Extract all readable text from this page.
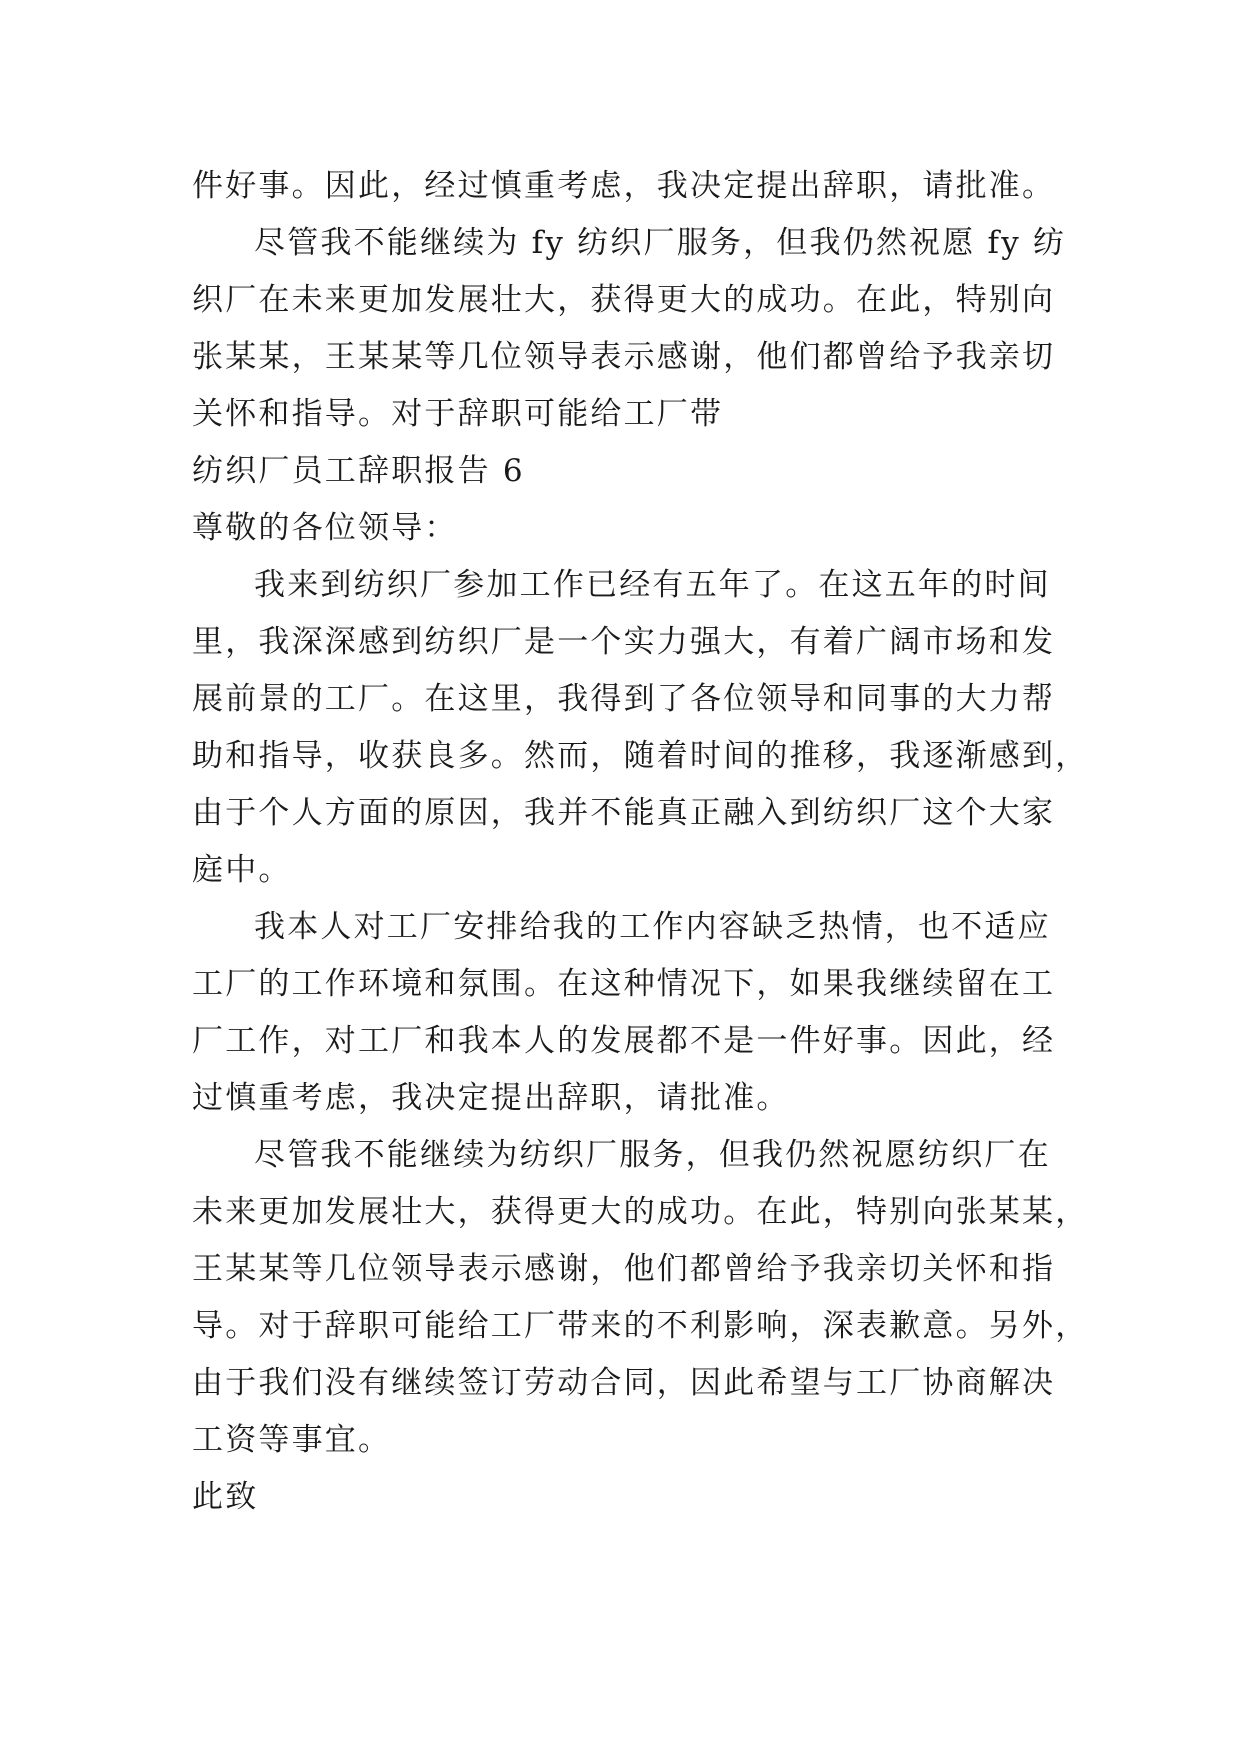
件好事。因此，经过慎重考虑，我决定提出辞职，请批准。
尽管我不能继续为 fy 纺织厂服务，但我仍然祝愿 fy 纺
织厂在未来更加发展壮大，获得更大的成功。在此，特别向
张某某，王某某等几位领导表示感谢，他们都曾给予我亲切
关怀和指导。对于辞职可能给工厂带
纺织厂员工辞职报告 6
尊敬的各位领导：
我来到纺织厂参加工作已经有五年了。在这五年的时间
里，我深深感到纺织厂是一个实力强大，有着广阔市场和发
展前景的工厂。在这里，我得到了各位领导和同事的大力帮
助和指导，收获良多。然而，随着时间的推移，我逐渐感到，
由于个人方面的原因，我并不能真正融入到纺织厂这个大家
庭中。
我本人对工厂安排给我的工作内容缺乏热情，也不适应
工厂的工作环境和氛围。在这种情况下，如果我继续留在工
厂工作，对工厂和我本人的发展都不是一件好事。因此，经
过慎重考虑，我决定提出辞职，请批准。
尽管我不能继续为纺织厂服务，但我仍然祝愿纺织厂在
未来更加发展壮大，获得更大的成功。在此，特别向张某某，
王某某等几位领导表示感谢，他们都曾给予我亲切关怀和指
导。对于辞职可能给工厂带来的不利影响，深表歉意。另外，
由于我们没有继续签订劳动合同，因此希望与工厂协商解决
工资等事宜。
此致
